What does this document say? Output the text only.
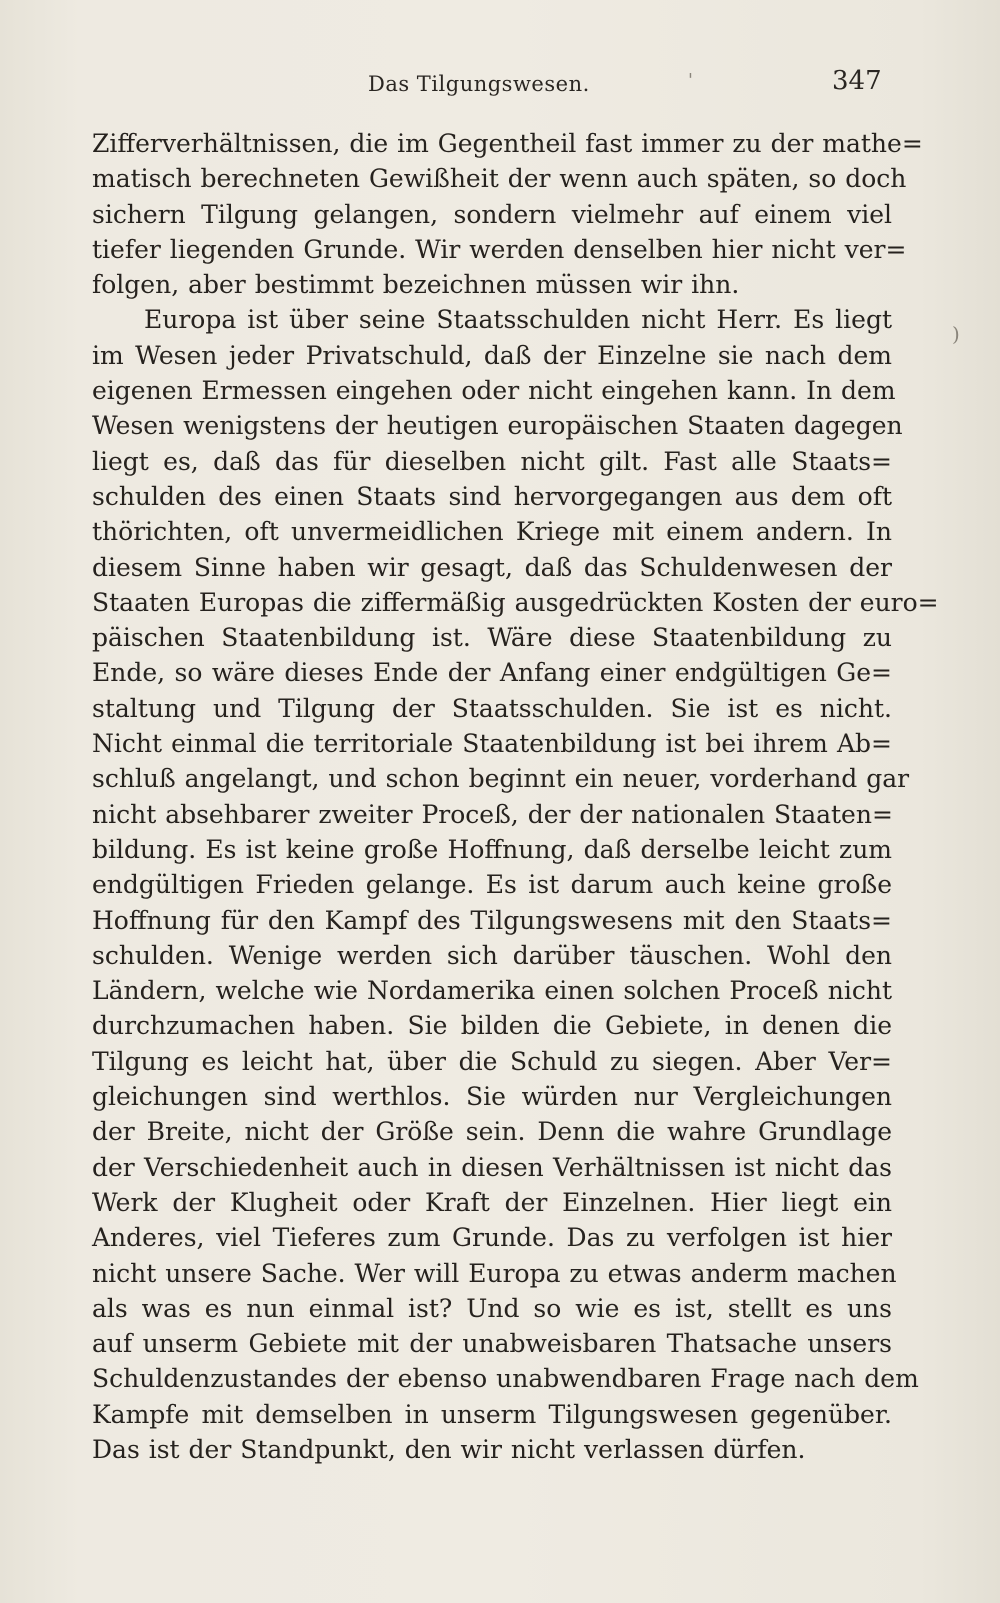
Das Tilgungswesen.	347
'
)
Zifferverhältnissen, die im Gegentheil fast immer zu der mathe=
matisch berechneten Gewißheit der wenn auch späten, so doch
sichern Tilgung gelangen, sondern vielmehr auf einem viel
tiefer liegenden Grunde. Wir werden denselben hier nicht ver=
folgen, aber bestimmt bezeichnen müssen wir ihn.
Europa ist über seine Staatsschulden nicht Herr. Es liegt
im Wesen jeder Privatschuld, daß der Einzelne sie nach dem
eigenen Ermessen eingehen oder nicht eingehen kann. In dem
Wesen wenigstens der heutigen europäischen Staaten dagegen
liegt es, daß das für dieselben nicht gilt. Fast alle Staats=
schulden des einen Staats sind hervorgegangen aus dem oft
thörichten, oft unvermeidlichen Kriege mit einem andern. In
diesem Sinne haben wir gesagt, daß das Schuldenwesen der
Staaten Europas die ziffermäßig ausgedrückten Kosten der euro=
päischen Staatenbildung ist. Wäre diese Staatenbildung zu
Ende, so wäre dieses Ende der Anfang einer endgültigen Ge=
staltung und Tilgung der Staatsschulden. Sie ist es nicht.
Nicht einmal die territoriale Staatenbildung ist bei ihrem Ab=
schluß angelangt, und schon beginnt ein neuer, vorderhand gar
nicht absehbarer zweiter Proceß, der der nationalen Staaten=
bildung. Es ist keine große Hoffnung, daß derselbe leicht zum
endgültigen Frieden gelange. Es ist darum auch keine große
Hoffnung für den Kampf des Tilgungswesens mit den Staats=
schulden. Wenige werden sich darüber täuschen. Wohl den
Ländern, welche wie Nordamerika einen solchen Proceß nicht
durchzumachen haben. Sie bilden die Gebiete, in denen die
Tilgung es leicht hat, über die Schuld zu siegen. Aber Ver=
gleichungen sind werthlos. Sie würden nur Vergleichungen
der Breite, nicht der Größe sein. Denn die wahre Grundlage
der Verschiedenheit auch in diesen Verhältnissen ist nicht das
Werk der Klugheit oder Kraft der Einzelnen. Hier liegt ein
Anderes, viel Tieferes zum Grunde. Das zu verfolgen ist hier
nicht unsere Sache. Wer will Europa zu etwas anderm machen
als was es nun einmal ist? Und so wie es ist, stellt es uns
auf unserm Gebiete mit der unabweisbaren Thatsache unsers
Schuldenzustandes der ebenso unabwendbaren Frage nach dem
Kampfe mit demselben in unserm Tilgungswesen gegenüber.
Das ist der Standpunkt, den wir nicht verlassen dürfen.
